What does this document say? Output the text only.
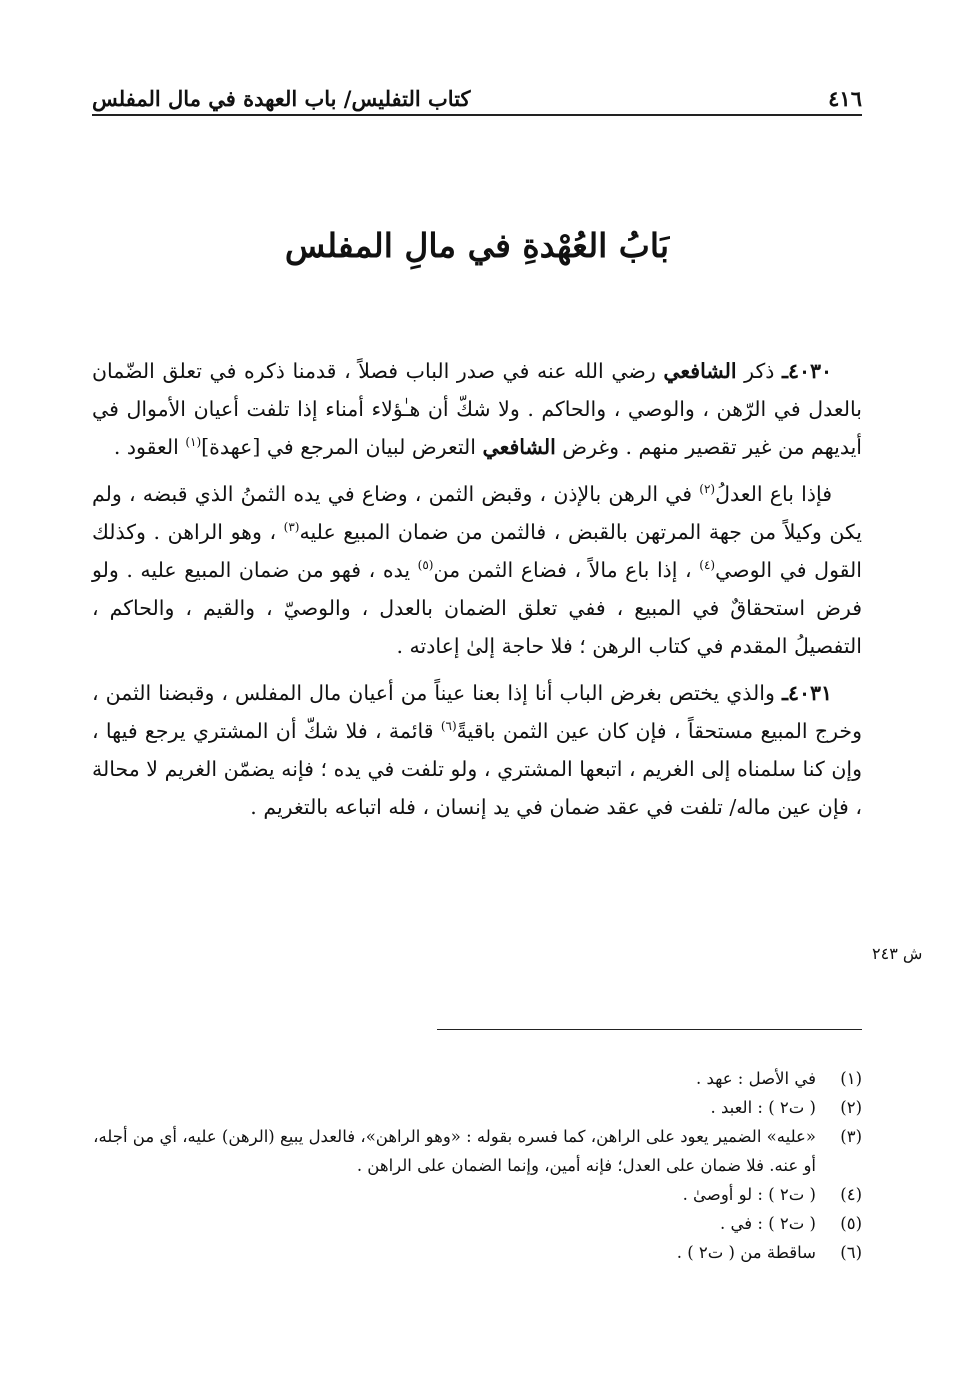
٤١٦
كتاب التفليس/ باب العهدة في مال المفلس
بَابُ العُهْدةِ في مالِ المفلس

٤٠٣٠ـ ذكر الشافعي رضي الله عنه في صدر الباب فصلاً ، قدمنا ذكره في تعلق الضّمان بالعدل في الرّهن ، والوصي ، والحاكم . ولا شكّ أن هـٰؤلاء أمناء إذا تلفت أعيان الأموال في أيديهم من غير تقصير منهم . وغرض الشافعي التعرض لبيان المرجع في [عهدة]$^{(١)}$ العقود .

فإذا باع العدلُ$^{(٢)}$ في الرهن بالإذن ، وقبض الثمن ، وضاع في يده الثمنُ الذي قبضه ، ولم يكن وكيلاً من جهة المرتهن بالقبض ، فالثمن من ضمان المبيع عليه$^{(٣)}$ ، وهو الراهن . وكذلك القول في الوصي$^{(٤)}$ ، إذا باع مالاً ، فضاع الثمن من$^{(٥)}$ يده ، فهو من ضمان المبيع عليه . ولو فرض استحقاقٌ في المبيع ، ففي تعلق الضمان بالعدل ، والوصيّ ، والقيم ، والحاكم ، التفصيلُ المقدم في كتاب الرهن ؛ فلا حاجة إلىٰ إعادته .

٤٠٣١ـ والذي يختص بغرض الباب أنا إذا بعنا عيناً من أعيان مال المفلس ، وقبضنا الثمن ، وخرج المبيع مستحقاً ، فإن كان عين الثمن باقيةً$^{(٦)}$ قائمة ، فلا شكّ أن المشتري يرجع فيها ، وإن كنا سلمناه إلى الغريم ، اتبعها المشتري ، ولو تلفت في يده ؛ فإنه يضمّن الغريم لا محالة ، فإن عين ماله/ تلفت في عقد ضمان في يد إنسان ، فله اتباعه بالتغريم .

ش ٢٤٣
(١)
في الأصل : عهد .
(٢)
( ت٢ ) : العبد .
(٣)
«عليه» الضمير يعود على الراهن، كما فسره بقوله : «وهو الراهن»، فالعدل يبيع (الرهن) عليه، أي من أجله، أو عنه. فلا ضمان على العدل؛ فإنه أمين، وإنما الضمان على الراهن .
(٤)
( ت٢ ) : لو أوصىٰ .
(٥)
( ت٢ ) : في .
(٦)
ساقطة من ( ت٢ ) .
